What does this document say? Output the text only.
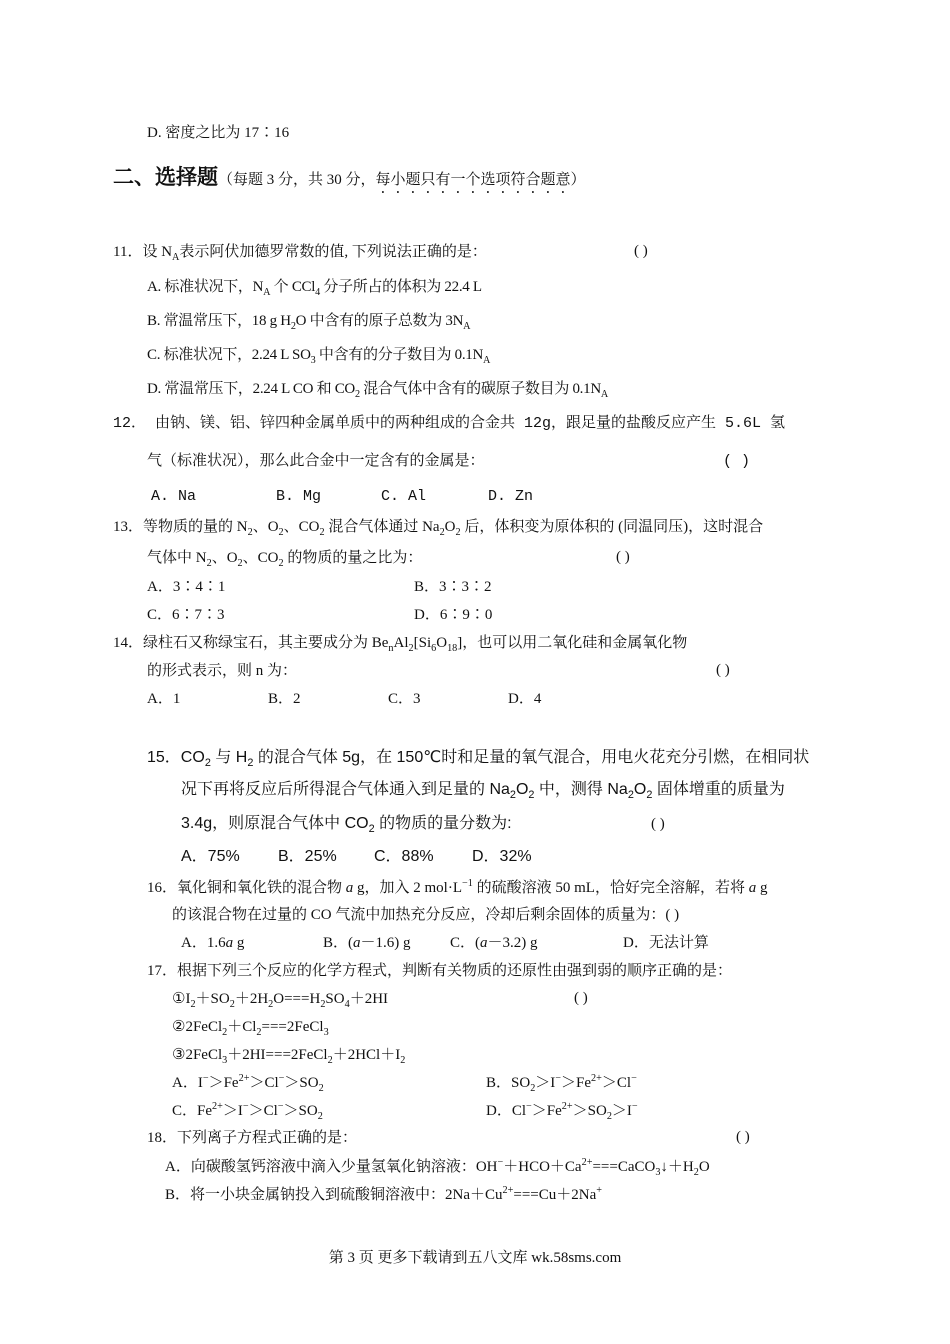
D. 密度之比为 17∶16
二、选择题（每题 3 分，共 30 分，每小题只有一个选项符合题意）
11．设 $N_A$表示阿伏加德罗常数的值, 下列说法正确的是：	( )
A. 标准状况下，$N_A$ 个 CCl$_4$ 分子所占的体积为 22.4 L
B. 常温常压下，18 g $H_2O$ 中含有的原子总数为 $3N_A$
C. 标准状况下，2.24 L $SO_3$ 中含有的分子数目为 $0.1N_A$
D. 常温常压下，2.24 L CO 和 $CO_2$ 混合气体中含有的碳原子数目为 $0.1N_A$
12． 由钠、镁、铝、锌四种金属单质中的两种组成的合金共 12g，跟足量的盐酸反应产生 5.6L 氢
气（标准状况），那么此合金中一定含有的金属是：	( )
A. Na	B. Mg	C. Al	D. Zn
13．等物质的量的 $N_2$、$O_2$、$CO_2$ 混合气体通过 $Na_2O_2$ 后，体积变为原体积的 (同温同压)，这时混合
气体中 $N_2$、$O_2$、$CO_2$ 的物质的量之比为：	( )
A．3∶4∶1	B．3∶3∶2
C．6∶7∶3	D．6∶9∶0
14．绿柱石又称绿宝石，其主要成分为 $Be_nAl_2[Si_6O_{18}]$，也可以用二氧化硅和金属氧化物
的形式表示，则 n 为：	( )
A．1	B．2	C．3	D．4
15．$CO_2$ 与 $H_2$ 的混合气体 5g，在 150℃时和足量的氧气混合，用电火花充分引燃，在相同状
况下再将反应后所得混合气体通入到足量的 $Na_2O_2$ 中，测得 $Na_2O_2$ 固体增重的质量为
3.4g，则原混合气体中 $CO_2$ 的物质的量分数为:	( )
A．75% B．25% C．88% D．32%
16．氧化铜和氧化铁的混合物 a g，加入 2 $mol\cdot L^{-1}$ 的硫酸溶液 50 mL，恰好完全溶解，若将 a g
的该混合物在过量的 CO 气流中加热充分反应，冷却后剩余固体的质量为：( )
A．1.6a g	B．(a－1.6) g	C．(a－3.2) g	D．无法计算
17．根据下列三个反应的化学方程式，判断有关物质的还原性由强到弱的顺序正确的是：
$①I_2+SO_2+2H_2O===H_2SO_4+2HI$	( )
$②2FeCl_2+Cl_2===2FeCl_3$
$③2FeCl_3+2HI===2FeCl_2+2HCl+I_2$
A．$I^->Fe^{2+}>Cl^->SO_2$	B．$SO_2>I^->Fe^{2+}>Cl^-$
C．$Fe^{2+}>I^->Cl^->SO_2$	D．$Cl^->Fe^{2+}>SO_2>I^-$
18．下列离子方程式正确的是：	( )
A．向碳酸氢钙溶液中滴入少量氢氧化钠溶液：$OH^-+HCO+Ca^{2+}===CaCO_3↓+H_2O$
B．将一小块金属钠投入到硫酸铜溶液中：$2Na+Cu^{2+}===Cu+2Na^+$
第 3 页 更多下载请到五八文库 wk.58sms.com
